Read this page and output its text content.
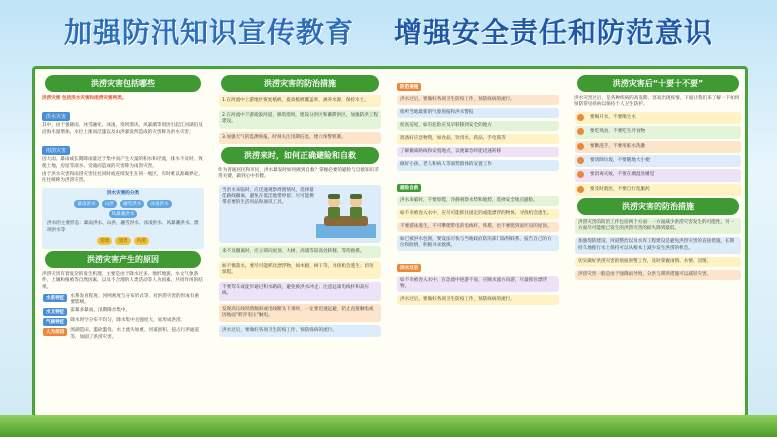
加强防汛知识宣传教育 增强安全责任和防范意识
洪涝灾害包括哪些
洪涝灾害 包括洪水灾害和雨涝灾害两类。
洪水灾害
其中，由于强降雨、冰雪融化、冰凌、堤坝溃决、风暴潮等原因引起江河湖泊及沿海水量增加、水位上涨而泛滥以及山洪暴发所造成的灾害称为洪水灾害；
雨涝灾害
因大雨、暴雨或长期降雨量过于集中而产生大量的积水和径流，排水不及时，致使土地、房屋等渍水、受淹而造成的灾害称为雨涝灾害。
由于洪水灾害和雨涝灾害往往同时或连续发生在同一地区，有时难以准确界定，往往统称为洪涝灾害。
洪水灾害的分类
暴雨洪水	山洪	融雪洪水	冰凌洪水
风暴潮洪水
洪水的主要形态：暴雨洪水、山洪、融雪洪水、冰凌洪水、风暴潮洪水、溃坝洪水等
涝渍	渍害	内涝
洪涝灾害产生的原因
洪涝灾害有着复杂的发生机理，主要是由于降水过多、地形地貌、水文气象条件、土壤和植被等自然因素，以及不合理的人类活动等人为因素，共同作用的结果。
水系特征	水系发育程度、河网密度与分布形式等，对洪涝灾害的形成有重要影响。
水文特征	雷暴多暴雨，汛期降水集中。
气候特征	降水时空分布不均匀，降水集中且强度大，易形成洪涝。
人为原因	围湖造田、滥砍滥伐、水土流失加重、河道淤积、侵占行洪通道等，加剧了洪涝灾害。
洪涝灾害的防治措施
1.在河流中上游地区恢复植被，提高植被覆盖率，涵养水源，保持水土。
2.在河流中下游疏浚河道，修筑堤坝，建设分洪区和蓄滞洪区，加强防洪工程建设。
3.加强天气的监测预报，时刻关注汛期信息，建立预警机制。
洪涝来时，如何正确避险和自救
作为普通居民和市民，洪水暴发时如何做到自救？掌握必要的避险与自救知识非常关键，做到心中有数。
当洪水来临时，应迅速观察周围情况，选择最佳路线撤离，避免在低洼地带停留；尽可能携带必要的生活用品和通讯工具。
来不及撤离时，应立即向屋顶、大树、高墙等较高处转移，等待救援。
如不慎落水，要尽可能抓住漂浮物，如木板、树干等，寻找机会逃生；切勿惊慌。
不要驾车或徒步通过积水路段，避免被洪水冲走；注意远离电线杆和高压线。
发现高压线铁塔倾斜或电线断头下垂时，一定要迅速远避，防止直接触电或因地面“跨步电压”触电。
洪水过后，要做好各项卫生防疫工作，预防疫病的流行。
防范措施
洪水过后，要做好各项卫生防疫工作，预防疫病的流行。
收听当地最新的气象预报和洪水警报
检查房屋，如有危险应及早转移到安全的地方
准备好应急物资，如食品、饮用水、药品、手电筒等
了解撤离路线和安置地点，以便紧急时能迅速转移
做好小孩、老人和病人等弱势群体的安置工作
避险自救
洪水来临时，不要惊慌，冷静观察水势和地势，选择安全地点避险。
如不幸被卷入水中，应尽可能抓住固定的或能漂浮的物体，寻找机会逃生。
不要游泳逃生，不可攀爬带电的电线杆、铁塔，也不要爬到泥坯房的屋顶。
如已被洪水包围，要设法尽快与当地政府防汛部门取得联系，报告自己的方位和险情，积极寻求救援。
洪水过后
如不幸被卷入水中，在急流中逆游不易，应顺水流方向游，尽量抓住漂浮物。
洪水过后，要做好各项卫生防疫工作，预防疫病的流行。
洪涝灾害后“十要十不要”
洪水灾害过后，是各种疾病的高发期，容易出现疫情。下面让我们来了解一下如何预防常见疾病以保持个人卫生防护。
要喝开水，不要喝生水
要吃熟食，不要吃生冷食物
要勤洗手，不要用脏水洗漱
要清除垃圾，不要随地大小便
要消毒灭蚊，不要在潮湿处睡觉
要及时就医，不要自行乱服药
洪涝灾害的防治措施
洪涝灾害的防治工作包括两个方面：一方面减少洪涝灾害发生的可能性，另一方面尽可能使已发生的洪涝灾害的损失降到最低。
加强堤防建设，河道整治以及水库工程建设是避免洪涝灾害的直接措施，长期持久地推行水土保持可以从根本上减少发生洪涝的机会。
切实做好洪涝灾害的预报预警工作，及时掌握雨情、水情、汛情。
洪涝灾害一般是由于强降雨导致，分洪与滞洪措施可以减轻灾害。
